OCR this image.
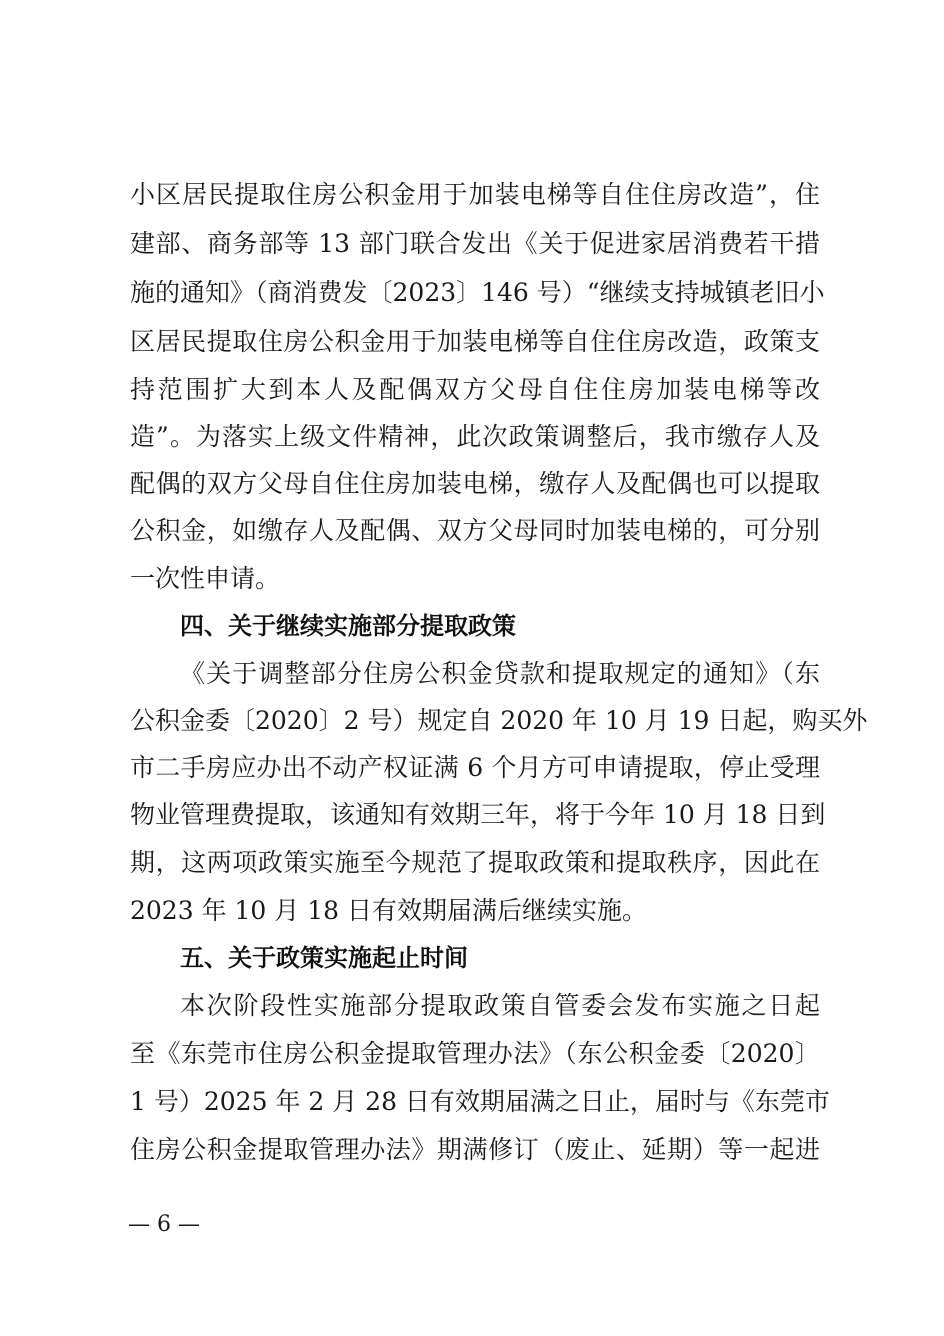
小区居民提取住房公积金用于加装电梯等自住住房改造”，住
建部、商务部等 13 部门联合发出《关于促进家居消费若干措
施的通知》（商消费发〔2023〕146 号）“继续支持城镇老旧小
区居民提取住房公积金用于加装电梯等自住住房改造，政策支
持范围扩大到本人及配偶双方父母自住住房加装电梯等改
造”。为落实上级文件精神，此次政策调整后，我市缴存人及
配偶的双方父母自住住房加装电梯，缴存人及配偶也可以提取
公积金，如缴存人及配偶、双方父母同时加装电梯的，可分别
一次性申请。
四、关于继续实施部分提取政策
《关于调整部分住房公积金贷款和提取规定的通知》（东
公积金委〔2020〕2 号）规定自 2020 年 10 月 19 日起，购买外
市二手房应办出不动产权证满 6 个月方可申请提取，停止受理
物业管理费提取，该通知有效期三年，将于今年 10 月 18 日到
期，这两项政策实施至今规范了提取政策和提取秩序，因此在
2023 年 10 月 18 日有效期届满后继续实施。
五、关于政策实施起止时间
本次阶段性实施部分提取政策自管委会发布实施之日起
至《东莞市住房公积金提取管理办法》（东公积金委〔2020〕
1 号）2025 年 2 月 28 日有效期届满之日止，届时与《东莞市
住房公积金提取管理办法》期满修订（废止、延期）等一起进
— 6 —
